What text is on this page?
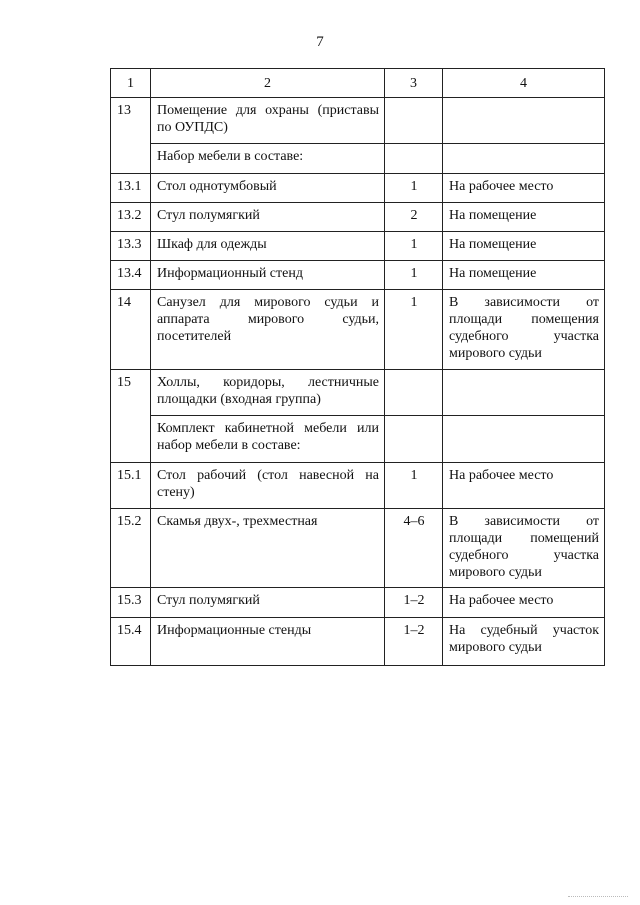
7
1	2	3	4
13	Помещение для охраны (приставы по ОУПДС)		
	Набор мебели в составе:		
13.1	Стол однотумбовый	1	На рабочее место
13.2	Стул полумягкий	2	На помещение
13.3	Шкаф для одежды	1	На помещение
13.4	Информационный стенд	1	На помещение
14	Санузел для мирового судьи и аппарата мирового судьи, посетителей	1	В зависимости от площади помещения судебного участка мирового судьи
15	Холлы, коридоры, лестничные площадки (входная группа)		
	Комплект кабинетной мебели или набор мебели в составе:		
15.1	Стол рабочий (стол навесной на стену)	1	На рабочее место
15.2	Скамья двух-, трехместная	4–6	В зависимости от площади помещений судебного участка мирового судьи
15.3	Стул полумягкий	1–2	На рабочее место
15.4	Информационные стенды	1–2	На судебный участок мирового судьи
